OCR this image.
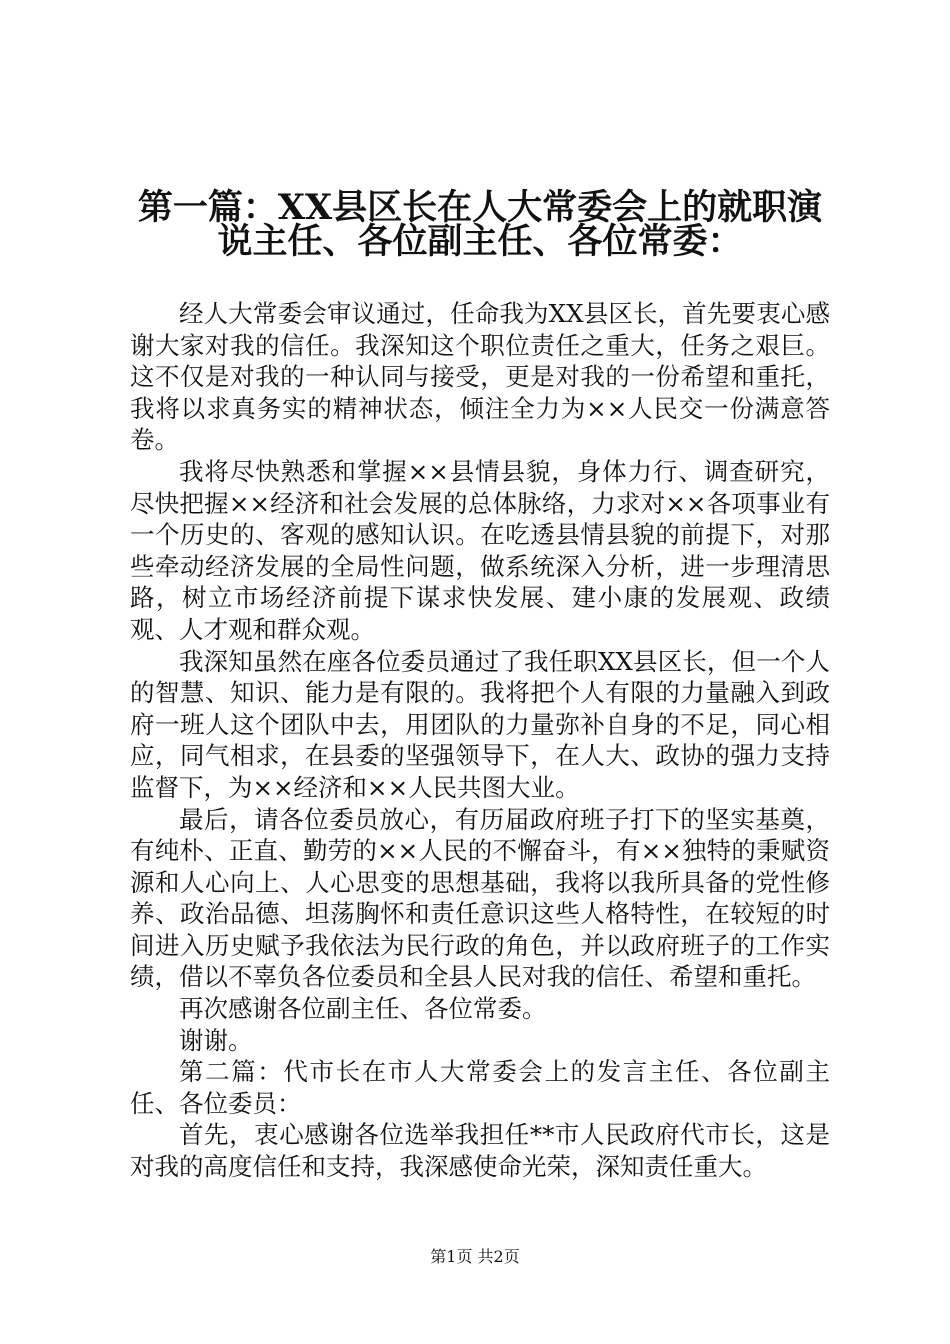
第一篇：XX县区长在人大常委会上的就职演
说主任、各位副主任、各位常委：

经人大常委会审议通过，任命我为XX县区长，首先要衷心感谢大家对我的信任。我深知这个职位责任之重大，任务之艰巨。这不仅是对我的一种认同与接受，更是对我的一份希望和重托，我将以求真务实的精神状态，倾注全力为××人民交一份满意答卷。

我将尽快熟悉和掌握××县情县貌，身体力行、调查研究，尽快把握××经济和社会发展的总体脉络，力求对××各项事业有一个历史的、客观的感知认识。在吃透县情县貌的前提下，对那些牵动经济发展的全局性问题，做系统深入分析，进一步理清思路，树立市场经济前提下谋求快发展、建小康的发展观、政绩观、人才观和群众观。

我深知虽然在座各位委员通过了我任职XX县区长，但一个人的智慧、知识、能力是有限的。我将把个人有限的力量融入到政府一班人这个团队中去，用团队的力量弥补自身的不足，同心相应，同气相求，在县委的坚强领导下，在人大、政协的强力支持监督下，为××经济和××人民共图大业。

最后，请各位委员放心，有历届政府班子打下的坚实基奠，有纯朴、正直、勤劳的××人民的不懈奋斗，有××独特的秉赋资源和人心向上、人心思变的思想基础，我将以我所具备的党性修养、政治品德、坦荡胸怀和责任意识这些人格特性，在较短的时间进入历史赋予我依法为民行政的角色，并以政府班子的工作实绩，借以不辜负各位委员和全县人民对我的信任、希望和重托。

再次感谢各位副主任、各位常委。

谢谢。

第二篇：代市长在市人大常委会上的发言主任、各位副主任、各位委员：

首先，衷心感谢各位选举我担任**市人民政府代市长，这是对我的高度信任和支持，我深感使命光荣，深知责任重大。

第1页 共2页
